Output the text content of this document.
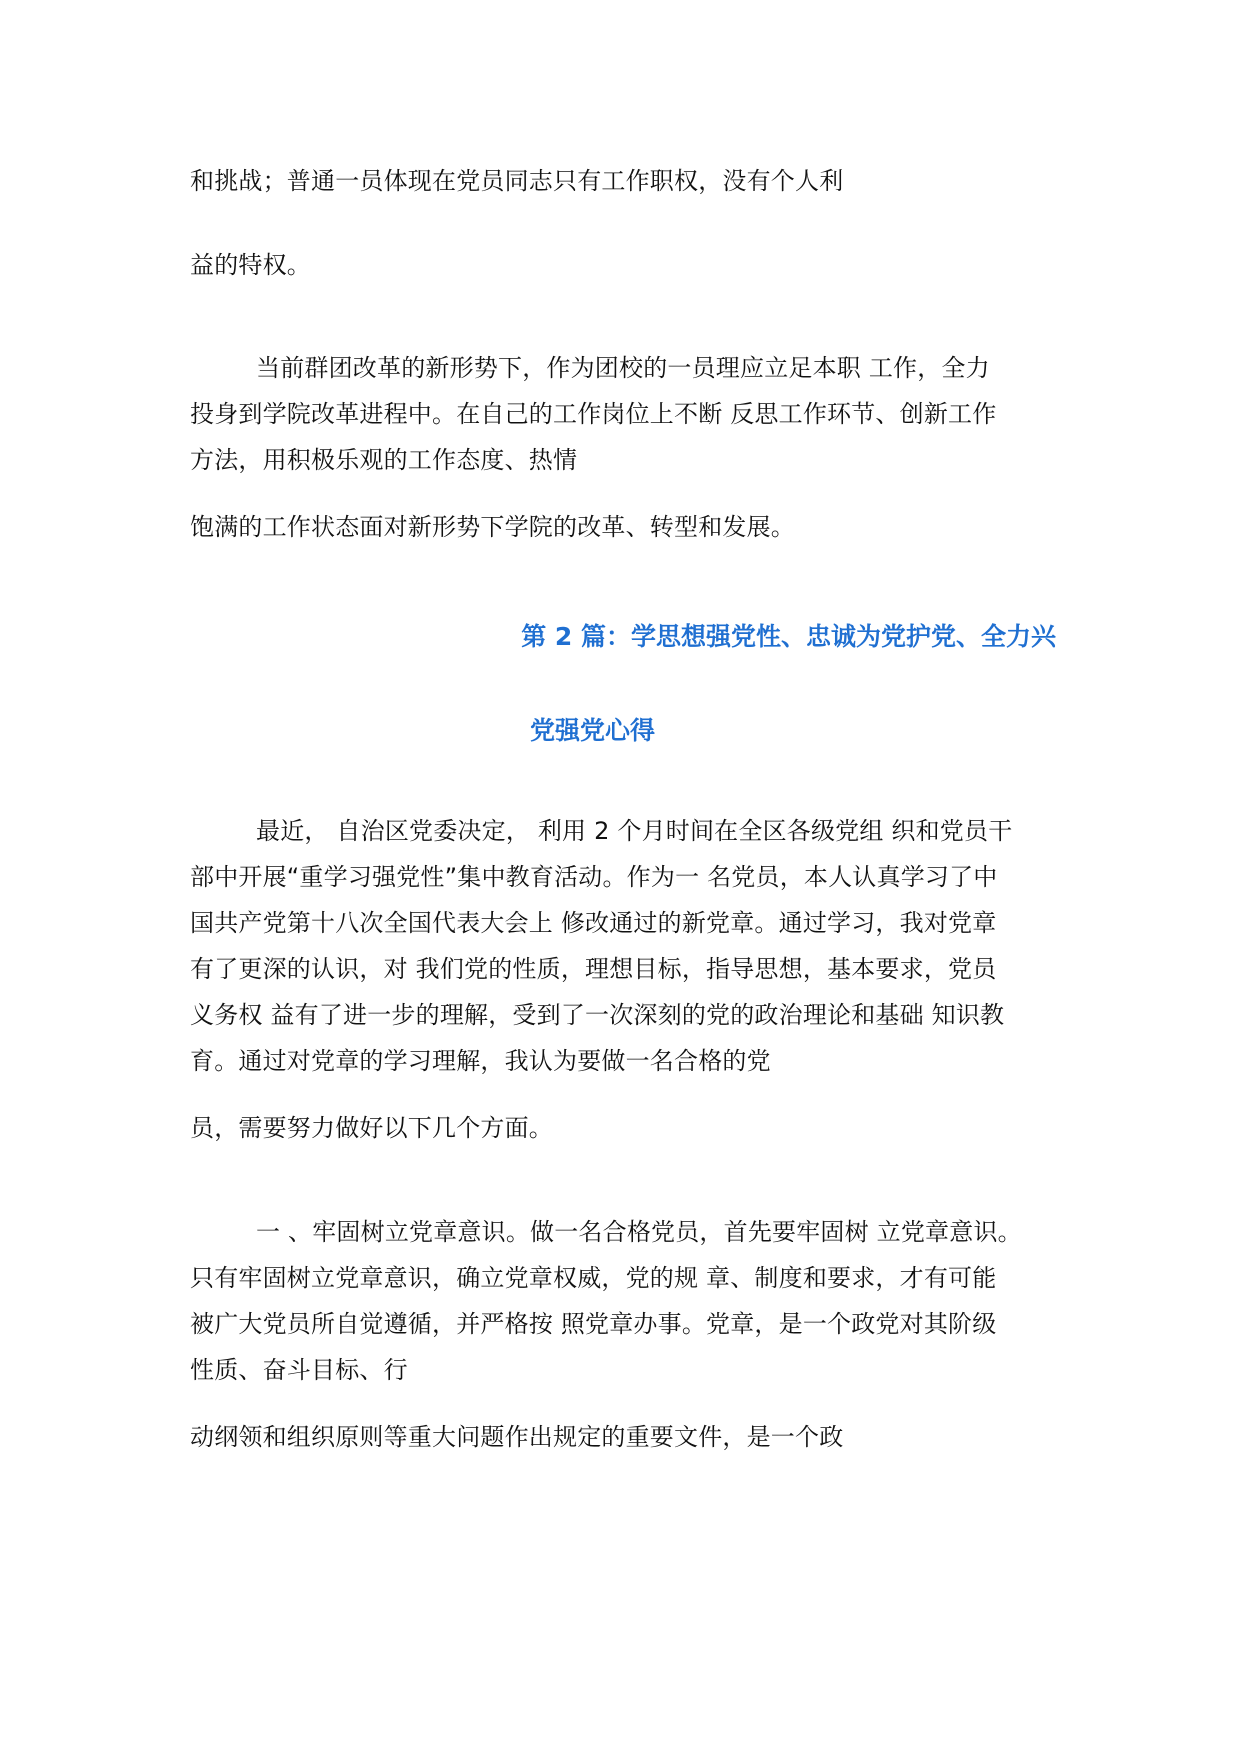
和挑战；普通一员体现在党员同志只有工作职权，没有个人利
益的特权。
当前群团改革的新形势下，作为团校的一员理应立足本职 工作，全力
投身到学院改革进程中。在自己的工作岗位上不断 反思工作环节、创新工作
方法，用积极乐观的工作态度、热情
饱满的工作状态面对新形势下学院的改革、转型和发展。
第 2 篇：学思想强党性、忠诚为党护党、全力兴
党强党心得
最近， 自治区党委决定， 利用 2 个月时间在全区各级党组 织和党员干
部中开展“重学习强党性”集中教育活动。作为一 名党员，本人认真学习了中
国共产党第十八次全国代表大会上 修改通过的新党章。通过学习，我对党章
有了更深的认识，对 我们党的性质，理想目标，指导思想，基本要求，党员
义务权 益有了进一步的理解，受到了一次深刻的党的政治理论和基础 知识教
育。通过对党章的学习理解，我认为要做一名合格的党
员，需要努力做好以下几个方面。
一 、牢固树立党章意识。做一名合格党员，首先要牢固树 立党章意识。
只有牢固树立党章意识，确立党章权威，党的规 章、制度和要求，才有可能
被广大党员所自觉遵循，并严格按 照党章办事。党章，是一个政党对其阶级
性质、奋斗目标、行
动纲领和组织原则等重大问题作出规定的重要文件，是一个政
